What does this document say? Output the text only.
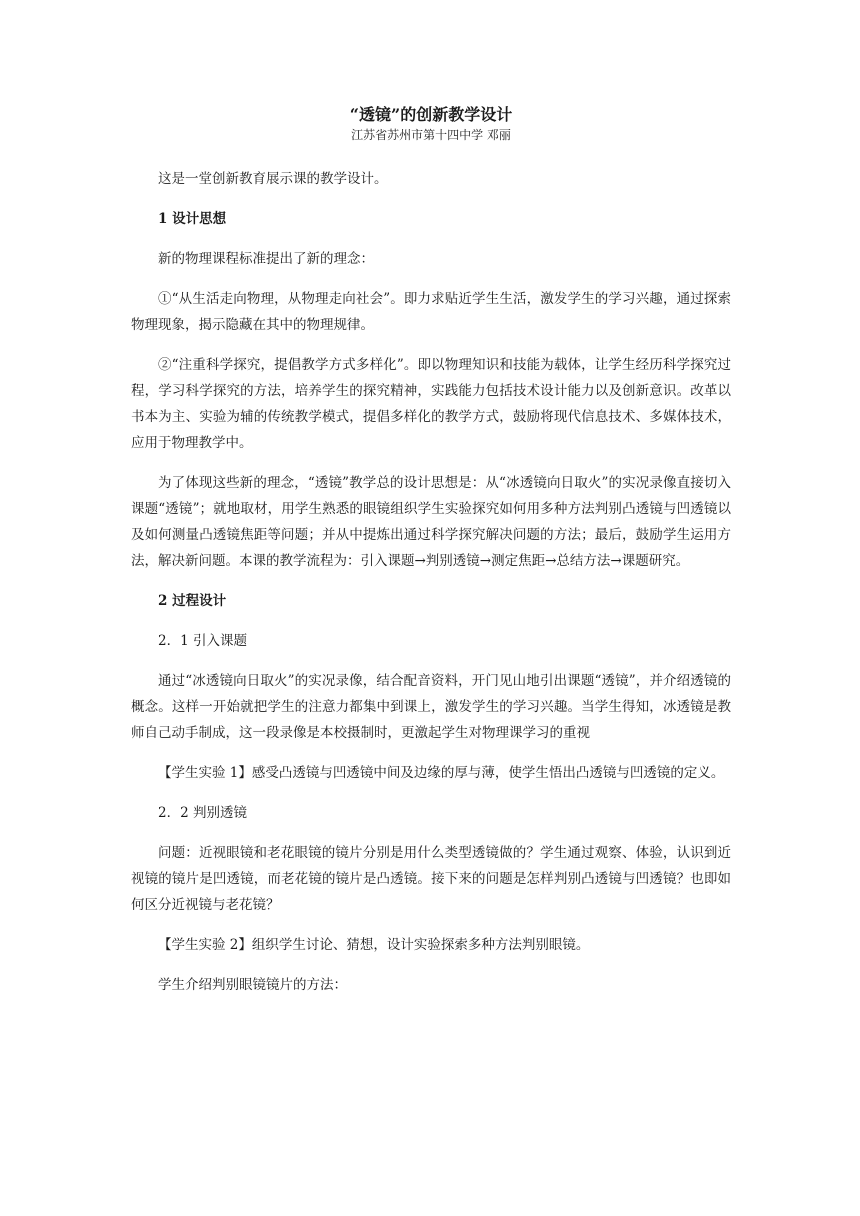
“透镜”的创新教学设计

江苏省苏州市第十四中学 邓丽

这是一堂创新教育展示课的教学设计。

1 设计思想

新的物理课程标准提出了新的理念：

①“从生活走向物理，从物理走向社会”。即力求贴近学生生活，激发学生的学习兴趣，通过探索物理现象，揭示隐藏在其中的物理规律。

②“注重科学探究，提倡教学方式多样化”。即以物理知识和技能为载体，让学生经历科学探究过程，学习科学探究的方法，培养学生的探究精神，实践能力包括技术设计能力以及创新意识。改革以书本为主、实验为辅的传统教学模式，提倡多样化的教学方式，鼓励将现代信息技术、多媒体技术，应用于物理教学中。

为了体现这些新的理念，“透镜”教学总的设计思想是：从“冰透镜向日取火”的实况录像直接切入课题“透镜”；就地取材，用学生熟悉的眼镜组织学生实验探究如何用多种方法判别凸透镜与凹透镜以及如何测量凸透镜焦距等问题；并从中提炼出通过科学探究解决问题的方法；最后，鼓励学生运用方法，解决新问题。本课的教学流程为：引入课题→判别透镜→测定焦距→总结方法→课题研究。

2 过程设计

2．1 引入课题

通过“冰透镜向日取火”的实况录像，结合配音资料，开门见山地引出课题“透镜”，并介绍透镜的概念。这样一开始就把学生的注意力都集中到课上，激发学生的学习兴趣。当学生得知，冰透镜是教师自己动手制成，这一段录像是本校摄制时，更激起学生对物理课学习的重视

【学生实验 1】感受凸透镜与凹透镜中间及边缘的厚与薄，使学生悟出凸透镜与凹透镜的定义。

2．2 判别透镜

问题：近视眼镜和老花眼镜的镜片分别是用什么类型透镜做的？学生通过观察、体验，认识到近视镜的镜片是凹透镜，而老花镜的镜片是凸透镜。接下来的问题是怎样判别凸透镜与凹透镜？也即如何区分近视镜与老花镜？

【学生实验 2】组织学生讨论、猜想，设计实验探索多种方法判别眼镜。

学生介绍判别眼镜镜片的方法：
